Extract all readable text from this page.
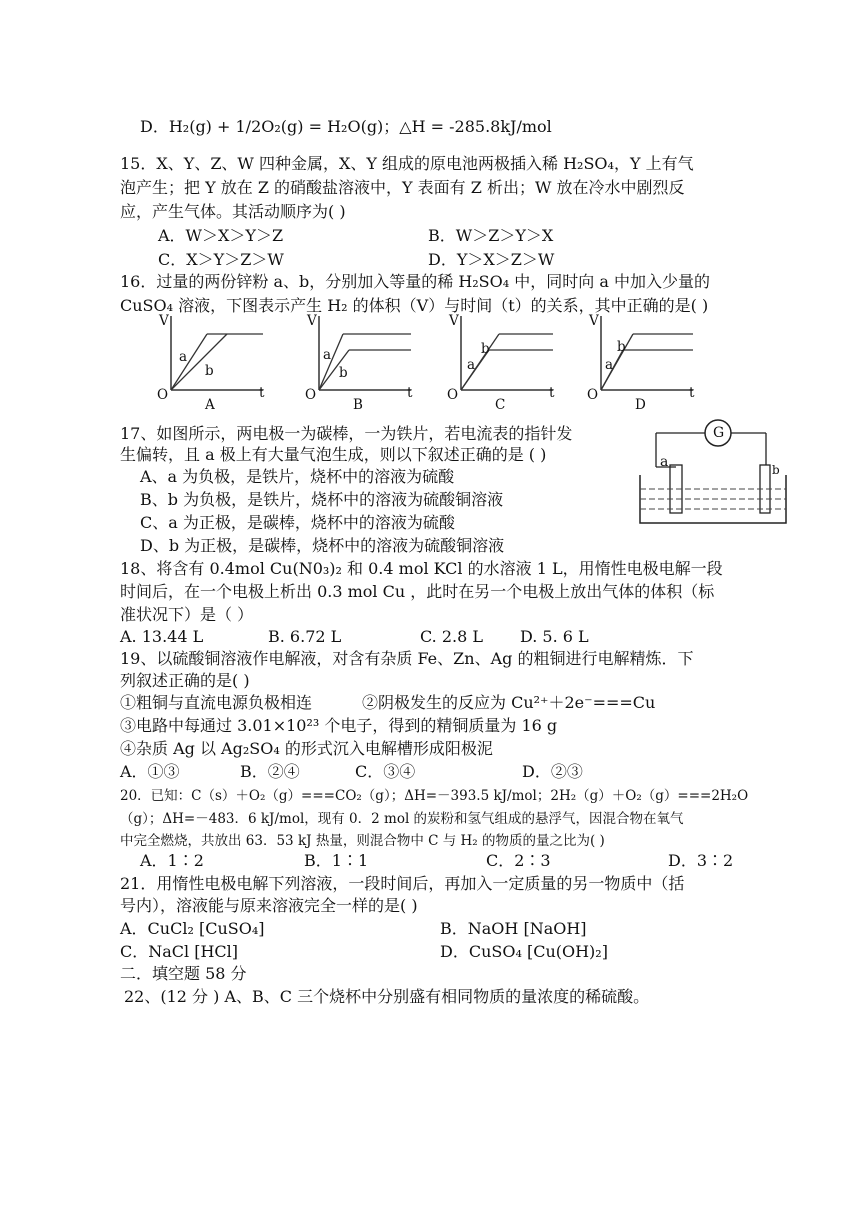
D．H₂(g) + 1/2O₂(g) = H₂O(g)；△H = -285.8kJ/mol
15．X、Y、Z、W 四种金属，X、Y 组成的原电池两极插入稀 H₂SO₄，Y 上有气
泡产生；把 Y 放在 Z 的硝酸盐溶液中，Y 表面有 Z 析出；W 放在冷水中剧烈反
应，产生气体。其活动顺序为( )
A．W＞X＞Y＞Z	B．W＞Z＞Y＞X
C．X＞Y＞Z＞W	D．Y＞X＞Z＞W
16．过量的两份锌粉 a、b，分别加入等量的稀 H₂SO₄ 中，同时向 a 中加入少量的
CuSO₄ 溶液，下图表示产生 H₂ 的体积（V）与时间（t）的关系，其中正确的是( )
V
t
O
a
b
A
V
t
O
a
b
B
V
t
O
a
b
C
V
t
O
a
b
D
17、如图所示，两电极一为碳棒，一为铁片，若电流表的指针发
生偏转，且 a 极上有大量气泡生成，则以下叙述正确的是 ( )
A、a 为负极，是铁片，烧杯中的溶液为硫酸
B、b 为负极，是铁片，烧杯中的溶液为硫酸铜溶液
C、a 为正极，是碳棒，烧杯中的溶液为硫酸
D、b 为正极，是碳棒，烧杯中的溶液为硫酸铜溶液
G
a	b
18、将含有 0.4mol Cu(N0₃)₂ 和 0.4 mol KCl 的水溶液 1 L，用惰性电极电解一段
时间后，在一个电极上析出 0.3 mol Cu ，此时在另一个电极上放出气体的体积（标
准状况下）是（ ）
A. 13.44 L	B. 6.72 L	C. 2.8 L D. 5. 6 L
19、以硫酸铜溶液作电解液，对含有杂质 Fe、Zn、Ag 的粗铜进行电解精炼．下
列叙述正确的是( )
①粗铜与直流电源负极相连	②阴极发生的反应为 Cu²⁺＋2e⁻===Cu
③电路中每通过 3.01×10²³ 个电子，得到的精铜质量为 16 g
④杂质 Ag 以 Ag₂SO₄ 的形式沉入电解槽形成阳极泥
A．①③	B．②④	C．③④	D．②③
20．已知：C（s）＋O₂（g）===CO₂（g）；ΔH=－393.5 kJ/mol；2H₂（g）＋O₂（g）===2H₂O
（g）；ΔH=－483．6 kJ/mol，现有 0．2 mol 的炭粉和氢气组成的悬浮气，因混合物在氧气
中完全燃烧，共放出 63．53 kJ 热量，则混合物中 C 与 H₂ 的物质的量之比为( )
A．1∶2	B．1∶1	C．2∶3	D．3∶2
21．用惰性电极电解下列溶液，一段时间后，再加入一定质量的另一物质中（括
号内），溶液能与原来溶液完全一样的是( )
A．CuCl₂ [CuSO₄]	B．NaOH [NaOH]
C．NaCl [HCl]	D．CuSO₄ [Cu(OH)₂]
二．填空题 58 分
22、(12 分 ) A、B、C 三个烧杯中分别盛有相同物质的量浓度的稀硫酸。
